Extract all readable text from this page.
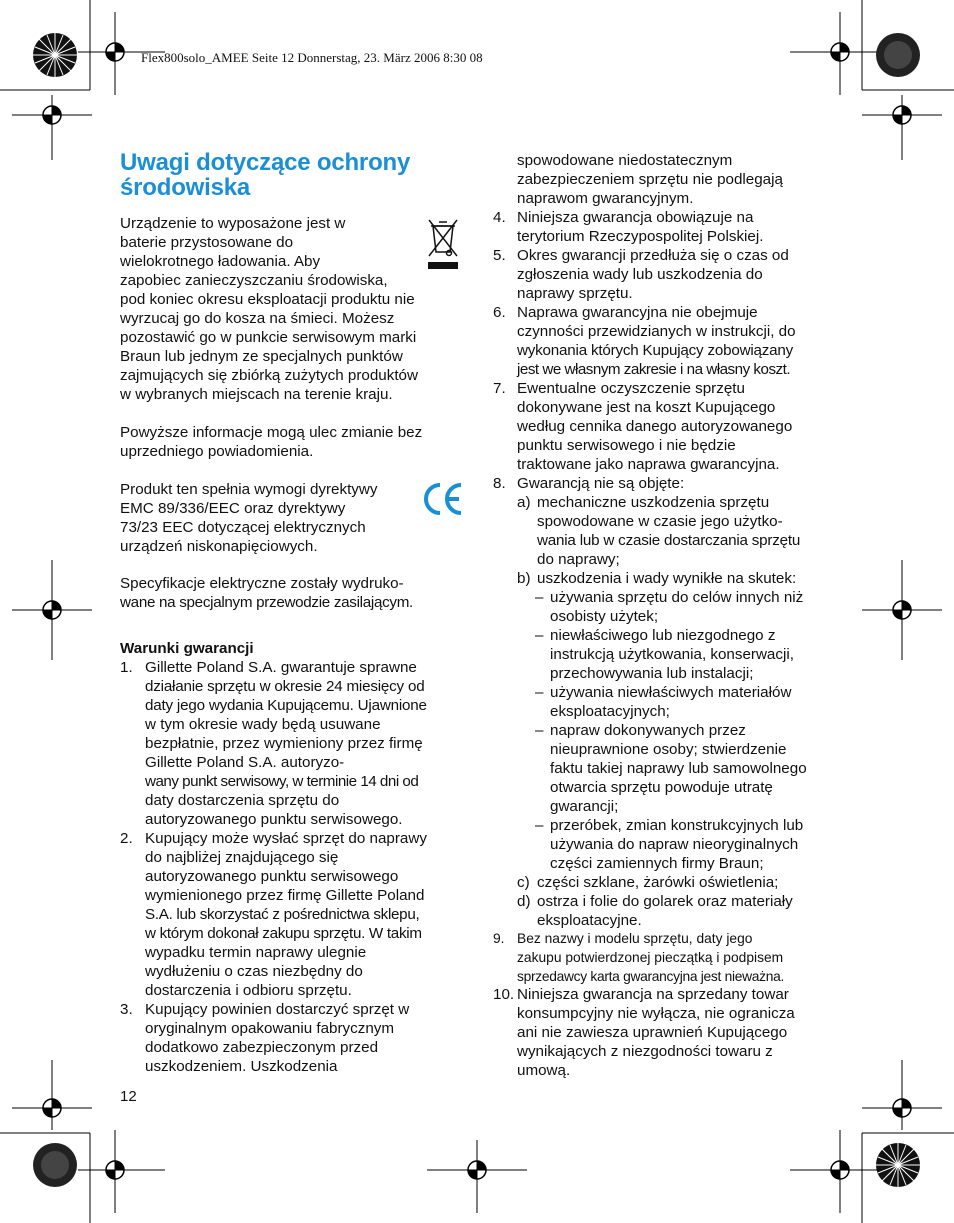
Flex800solo_AMEE Seite 12 Donnerstag, 23. März 2006 8:30 08
Uwagi dotyczące ochrony
środowiska
Urządzenie to wyposażone jest w
baterie przystosowane do
wielokrotnego ładowania. Aby
zapobiec zanieczyszczaniu środowiska,
pod koniec okresu eksploatacji produktu nie
wyrzucaj go do kosza na śmieci. Możesz
pozostawić go w punkcie serwisowym marki
Braun lub jednym ze specjalnych punktów
zajmujących się zbiórką zużytych produktów
w wybranych miejscach na terenie kraju.
Powyższe informacje mogą ulec zmianie bez
uprzedniego powiadomienia.
Produkt ten spełnia wymogi dyrektywy
EMC 89/336/EEC oraz dyrektywy
73/23 EEC dotyczącej elektrycznych
urządzeń niskonapięciowych.
Specyfikacje elektryczne zostały wydruko-
wane na specjalnym przewodzie zasilającym.
Warunki gwarancji
1. Gillette Poland S.A. gwarantuje sprawne
działanie sprzętu w okresie 24 miesięcy od
daty jego wydania Kupującemu. Ujawnione
w tym okresie wady będą usuwane
bezpłatnie, przez wymieniony przez firmę
Gillette Poland S.A. autoryzo-
wany punkt serwisowy, w terminie 14 dni od
daty dostarczenia sprzętu do
autoryzowanego punktu serwisowego.
2. Kupujący może wysłać sprzęt do naprawy
do najbliżej znajdującego się
autoryzowanego punktu serwisowego
wymienionego przez firmę Gillette Poland
S.A. lub skorzystać z pośrednictwa sklepu,
w którym dokonał zakupu sprzętu. W takim
wypadku termin naprawy ulegnie
wydłużeniu o czas niezbędny do
dostarczenia i odbioru sprzętu.
3. Kupujący powinien dostarczyć sprzęt w
oryginalnym opakowaniu fabrycznym
dodatkowo zabezpieczonym przed
uszkodzeniem. Uszkodzenia
12
spowodowane niedostatecznym
zabezpieczeniem sprzętu nie podlegają
naprawom gwarancyjnym.
4. Niniejsza gwarancja obowiązuje na
terytorium Rzeczypospolitej Polskiej.
5. Okres gwarancji przedłuża się o czas od
zgłoszenia wady lub uszkodzenia do
naprawy sprzętu.
6. Naprawa gwarancyjna nie obejmuje
czynności przewidzianych w instrukcji, do
wykonania których Kupujący zobowiązany
jest we własnym zakresie i na własny koszt.
7. Ewentualne oczyszczenie sprzętu
dokonywane jest na koszt Kupującego
według cennika danego autoryzowanego
punktu serwisowego i nie będzie
traktowane jako naprawa gwarancyjna.
8. Gwarancją nie są objęte:
a) mechaniczne uszkodzenia sprzętu
spowodowane w czasie jego użytko-
wania lub w czasie dostarczania sprzętu
do naprawy;
b) uszkodzenia i wady wynikłe na skutek:
– używania sprzętu do celów innych niż
osobisty użytek;
– niewłaściwego lub niezgodnego z
instrukcją użytkowania, konserwacji,
przechowywania lub instalacji;
– używania niewłaściwych materiałów
eksploatacyjnych;
– napraw dokonywanych przez
nieuprawnione osoby; stwierdzenie
faktu takiej naprawy lub samowolnego
otwarcia sprzętu powoduje utratę
gwarancji;
– przeróbek, zmian konstrukcyjnych lub
używania do napraw nieoryginalnych
części zamiennych firmy Braun;
c) części szklane, żarówki oświetlenia;
d) ostrza i folie do golarek oraz materiały
eksploatacyjne.
9. Bez nazwy i modelu sprzętu, daty jego
zakupu potwierdzonej pieczątką i podpisem
sprzedawcy karta gwarancyjna jest nieważna.
10. Niniejsza gwarancja na sprzedany towar
konsumpcyjny nie wyłącza, nie ogranicza
ani nie zawiesza uprawnień Kupującego
wynikających z niezgodności towaru z
umową.
